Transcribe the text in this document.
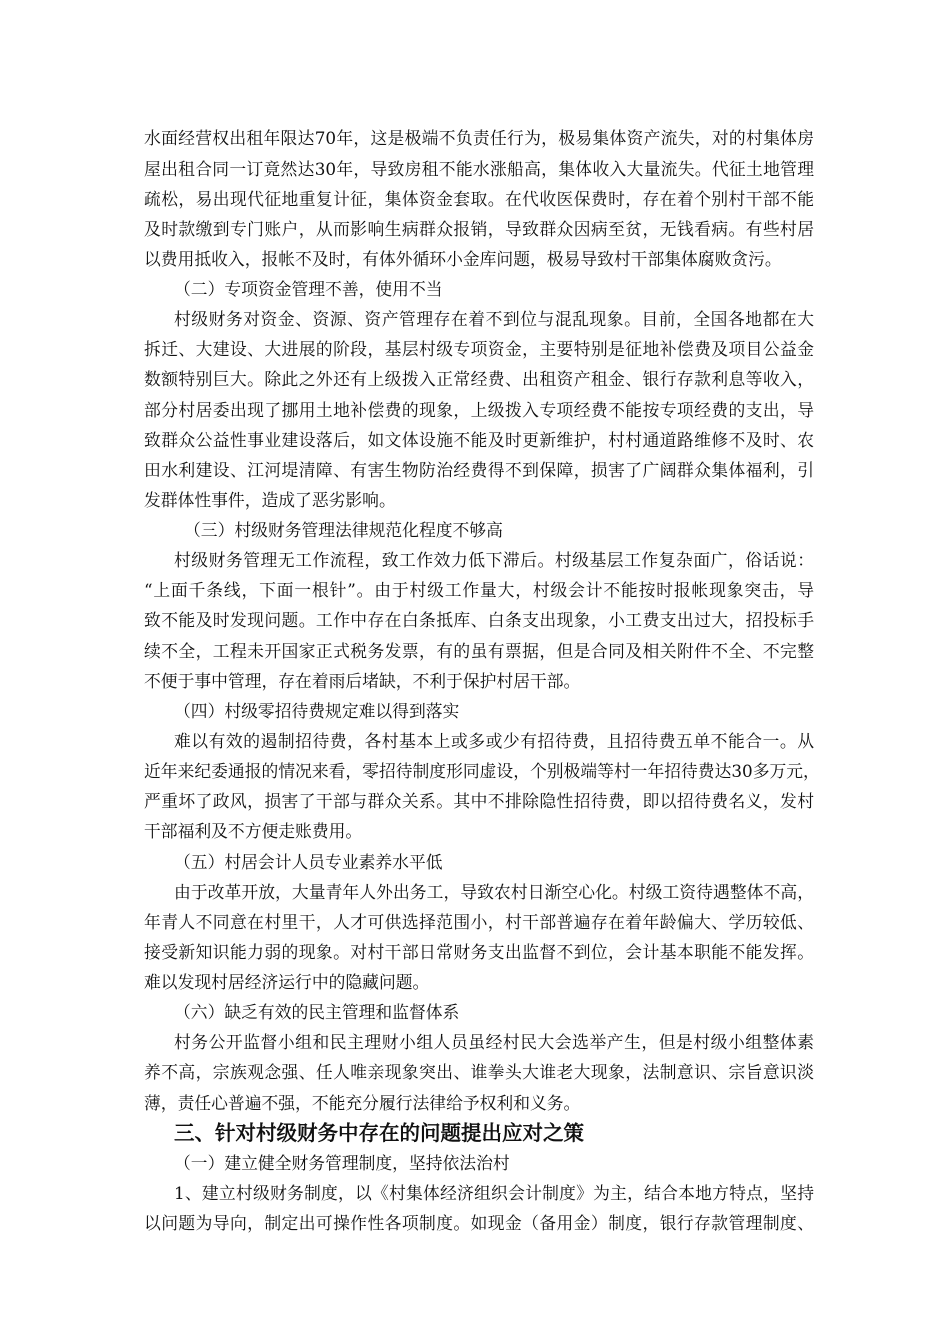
水面经营权出租年限达70年，这是极端不负责任行为，极易集体资产流失，对的村集体房
屋出租合同一订竟然达30年，导致房租不能水涨船高，集体收入大量流失。代征土地管理
疏松，易出现代征地重复计征，集体资金套取。在代收医保费时，存在着个别村干部不能
及时款缴到专门账户，从而影响生病群众报销，导致群众因病至贫，无钱看病。有些村居
以费用抵收入，报帐不及时，有体外循环小金库问题，极易导致村干部集体腐败贪污。
（二）专项资金管理不善，使用不当
村级财务对资金、资源、资产管理存在着不到位与混乱现象。目前，全国各地都在大
拆迁、大建设、大进展的阶段，基层村级专项资金，主要特别是征地补偿费及项目公益金
数额特别巨大。除此之外还有上级拨入正常经费、出租资产租金、银行存款利息等收入，
部分村居委出现了挪用土地补偿费的现象，上级拨入专项经费不能按专项经费的支出，导
致群众公益性事业建设落后，如文体设施不能及时更新维护，村村通道路维修不及时、农
田水利建设、江河堤清障、有害生物防治经费得不到保障，损害了广阔群众集体福利，引
发群体性事件，造成了恶劣影响。
（三）村级财务管理法律规范化程度不够高
村级财务管理无工作流程，致工作效力低下滞后。村级基层工作复杂面广，俗话说：
“上面千条线，下面一根针”。由于村级工作量大，村级会计不能按时报帐现象突击，导
致不能及时发现问题。工作中存在白条抵库、白条支出现象，小工费支出过大，招投标手
续不全，工程未开国家正式税务发票，有的虽有票据，但是合同及相关附件不全、不完整
不便于事中管理，存在着雨后堵缺，不利于保护村居干部。
（四）村级零招待费规定难以得到落实
难以有效的遏制招待费，各村基本上或多或少有招待费，且招待费五单不能合一。从
近年来纪委通报的情况来看，零招待制度形同虚设，个别极端等村一年招待费达30多万元，
严重坏了政风，损害了干部与群众关系。其中不排除隐性招待费，即以招待费名义，发村
干部福利及不方便走账费用。
（五）村居会计人员专业素养水平低
由于改革开放，大量青年人外出务工，导致农村日渐空心化。村级工资待遇整体不高，
年青人不同意在村里干，人才可供选择范围小，村干部普遍存在着年龄偏大、学历较低、
接受新知识能力弱的现象。对村干部日常财务支出监督不到位，会计基本职能不能发挥。
难以发现村居经济运行中的隐藏问题。
（六）缺乏有效的民主管理和监督体系
村务公开监督小组和民主理财小组人员虽经村民大会选举产生，但是村级小组整体素
养不高，宗族观念强、任人唯亲现象突出、谁拳头大谁老大现象，法制意识、宗旨意识淡
薄，责任心普遍不强，不能充分履行法律给予权利和义务。
三、针对村级财务中存在的问题提出应对之策
（一）建立健全财务管理制度，坚持依法治村
1、建立村级财务制度，以《村集体经济组织会计制度》为主，结合本地方特点，坚持
以问题为导向，制定出可操作性各项制度。如现金（备用金）制度，银行存款管理制度、
